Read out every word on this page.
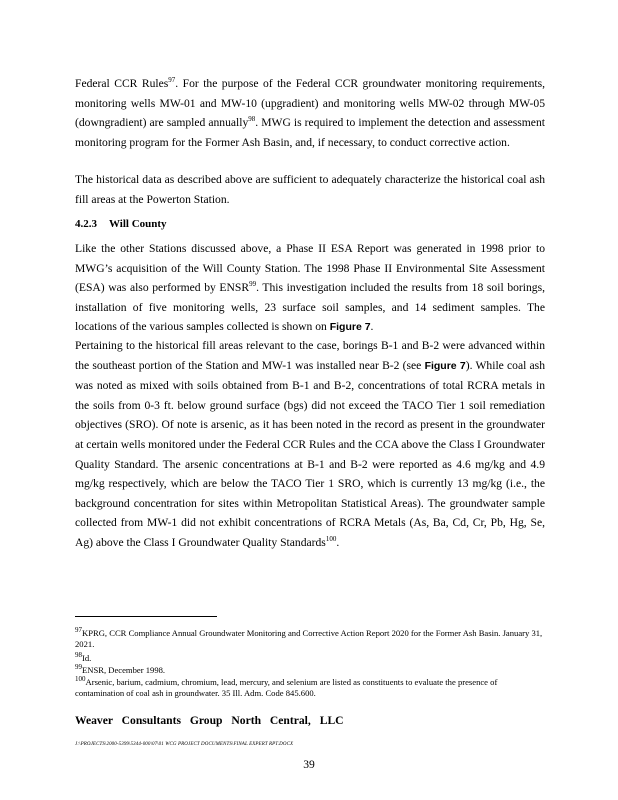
Federal CCR Rules$^{97}$. For the purpose of the Federal CCR groundwater monitoring requirements, monitoring wells MW-01 and MW-10 (upgradient) and monitoring wells MW-02 through MW-05 (downgradient) are sampled annually$^{98}$. MWG is required to implement the detection and assessment monitoring program for the Former Ash Basin, and, if necessary, to conduct corrective action.

The historical data as described above are sufficient to adequately characterize the historical coal ash fill areas at the Powerton Station.

4.2.3 Will County

Like the other Stations discussed above, a Phase II ESA Report was generated in 1998 prior to MWG’s acquisition of the Will County Station. The 1998 Phase II Environmental Site Assessment (ESA) was also performed by ENSR$^{99}$. This investigation included the results from 18 soil borings, installation of five monitoring wells, 23 surface soil samples, and 14 sediment samples. The locations of the various samples collected is shown on Figure 7.

Pertaining to the historical fill areas relevant to the case, borings B-1 and B-2 were advanced within the southeast portion of the Station and MW-1 was installed near B-2 (see Figure 7). While coal ash was noted as mixed with soils obtained from B-1 and B-2, concentrations of total RCRA metals in the soils from 0-3 ft. below ground surface (bgs) did not exceed the TACO Tier 1 soil remediation objectives (SRO). Of note is arsenic, as it has been noted in the record as present in the groundwater at certain wells monitored under the Federal CCR Rules and the CCA above the Class I Groundwater Quality Standard. The arsenic concentrations at B-1 and B-2 were reported as 4.6 mg/kg and 4.9 mg/kg respectively, which are below the TACO Tier 1 SRO, which is currently 13 mg/kg (i.e., the background concentration for sites within Metropolitan Statistical Areas). The groundwater sample collected from MW-1 did not exhibit concentrations of RCRA Metals (As, Ba, Cd, Cr, Pb, Hg, Se, Ag) above the Class I Groundwater Quality Standards$^{100}$.

$^{97}$KPRG, CCR Compliance Annual Groundwater Monitoring and Corrective Action Report 2020 for the Former Ash Basin. January 31, 2021.

$^{98}$Id.

$^{99}$ENSR, December 1998.

$^{100}$Arsenic, barium, cadmium, chromium, lead, mercury, and selenium are listed as constituents to evaluate the presence of contamination of coal ash in groundwater. 35 Ill. Adm. Code 845.600.

Weaver Consultants Group North Central, LLC
J:\PROJECTS\2000-5399\5344-000\07\01 WCG PROJECT DOCUMENTS\FINAL EXPERT RPT.DOCX
39
